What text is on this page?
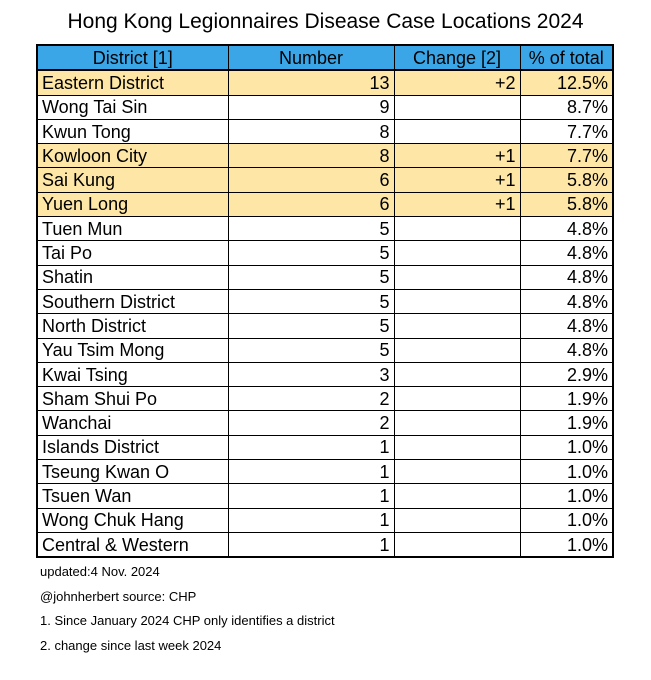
Hong Kong Legionnaires Disease Case Locations 2024
District [1]	Number	Change [2]	% of total
Eastern District	13	+2	12.5%
Wong Tai Sin	9		8.7%
Kwun Tong	8		7.7%
Kowloon City	8	+1	7.7%
Sai Kung	6	+1	5.8%
Yuen Long	6	+1	5.8%
Tuen Mun	5		4.8%
Tai Po	5		4.8%
Shatin	5		4.8%
Southern District	5		4.8%
North District	5		4.8%
Yau Tsim Mong	5		4.8%
Kwai Tsing	3		2.9%
Sham Shui Po	2		1.9%
Wanchai	2		1.9%
Islands District	1		1.0%
Tseung Kwan O	1		1.0%
Tsuen Wan	1		1.0%
Wong Chuk Hang	1		1.0%
Central & Western	1		1.0%
updated:4 Nov. 2024
@johnherbert source: CHP
1. Since January 2024 CHP only identifies a district
2. change since last week 2024
